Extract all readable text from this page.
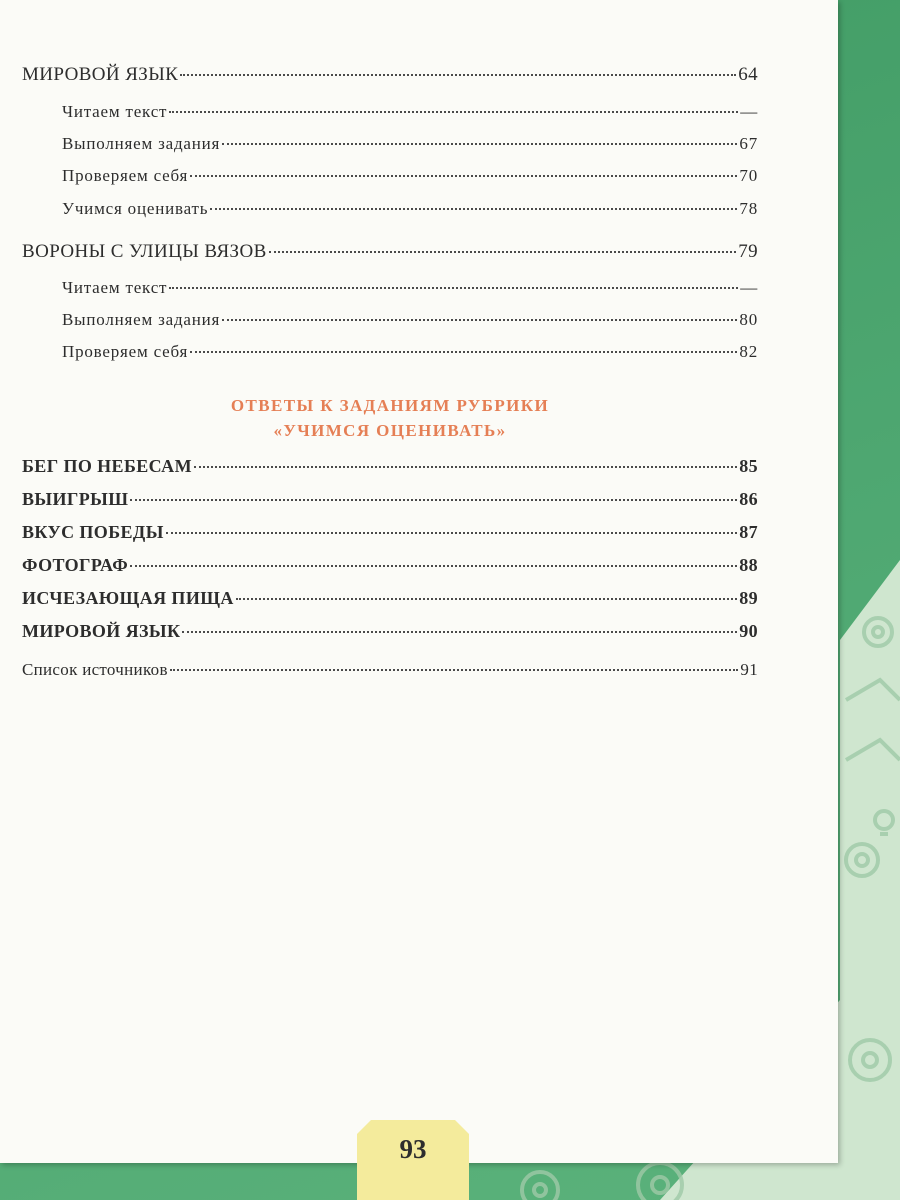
МИРОВОЙ ЯЗЫК	64
Читаем текст	—
Выполняем задания	67
Проверяем себя	70
Учимся оценивать	78
ВОРОНЫ С УЛИЦЫ ВЯЗОВ	79
Читаем текст	—
Выполняем задания	80
Проверяем себя	82
БЕГ ПО НЕБЕСАМ	85
ВЫИГРЫШ	86
ВКУС ПОБЕДЫ	87
ФОТОГРАФ	88
ИСЧЕЗАЮЩАЯ ПИЩА	89
МИРОВОЙ ЯЗЫК	90
Список источников	91
ОТВЕТЫ К ЗАДАНИЯМ РУБРИКИ
«УЧИМСЯ ОЦЕНИВАТЬ»
93
